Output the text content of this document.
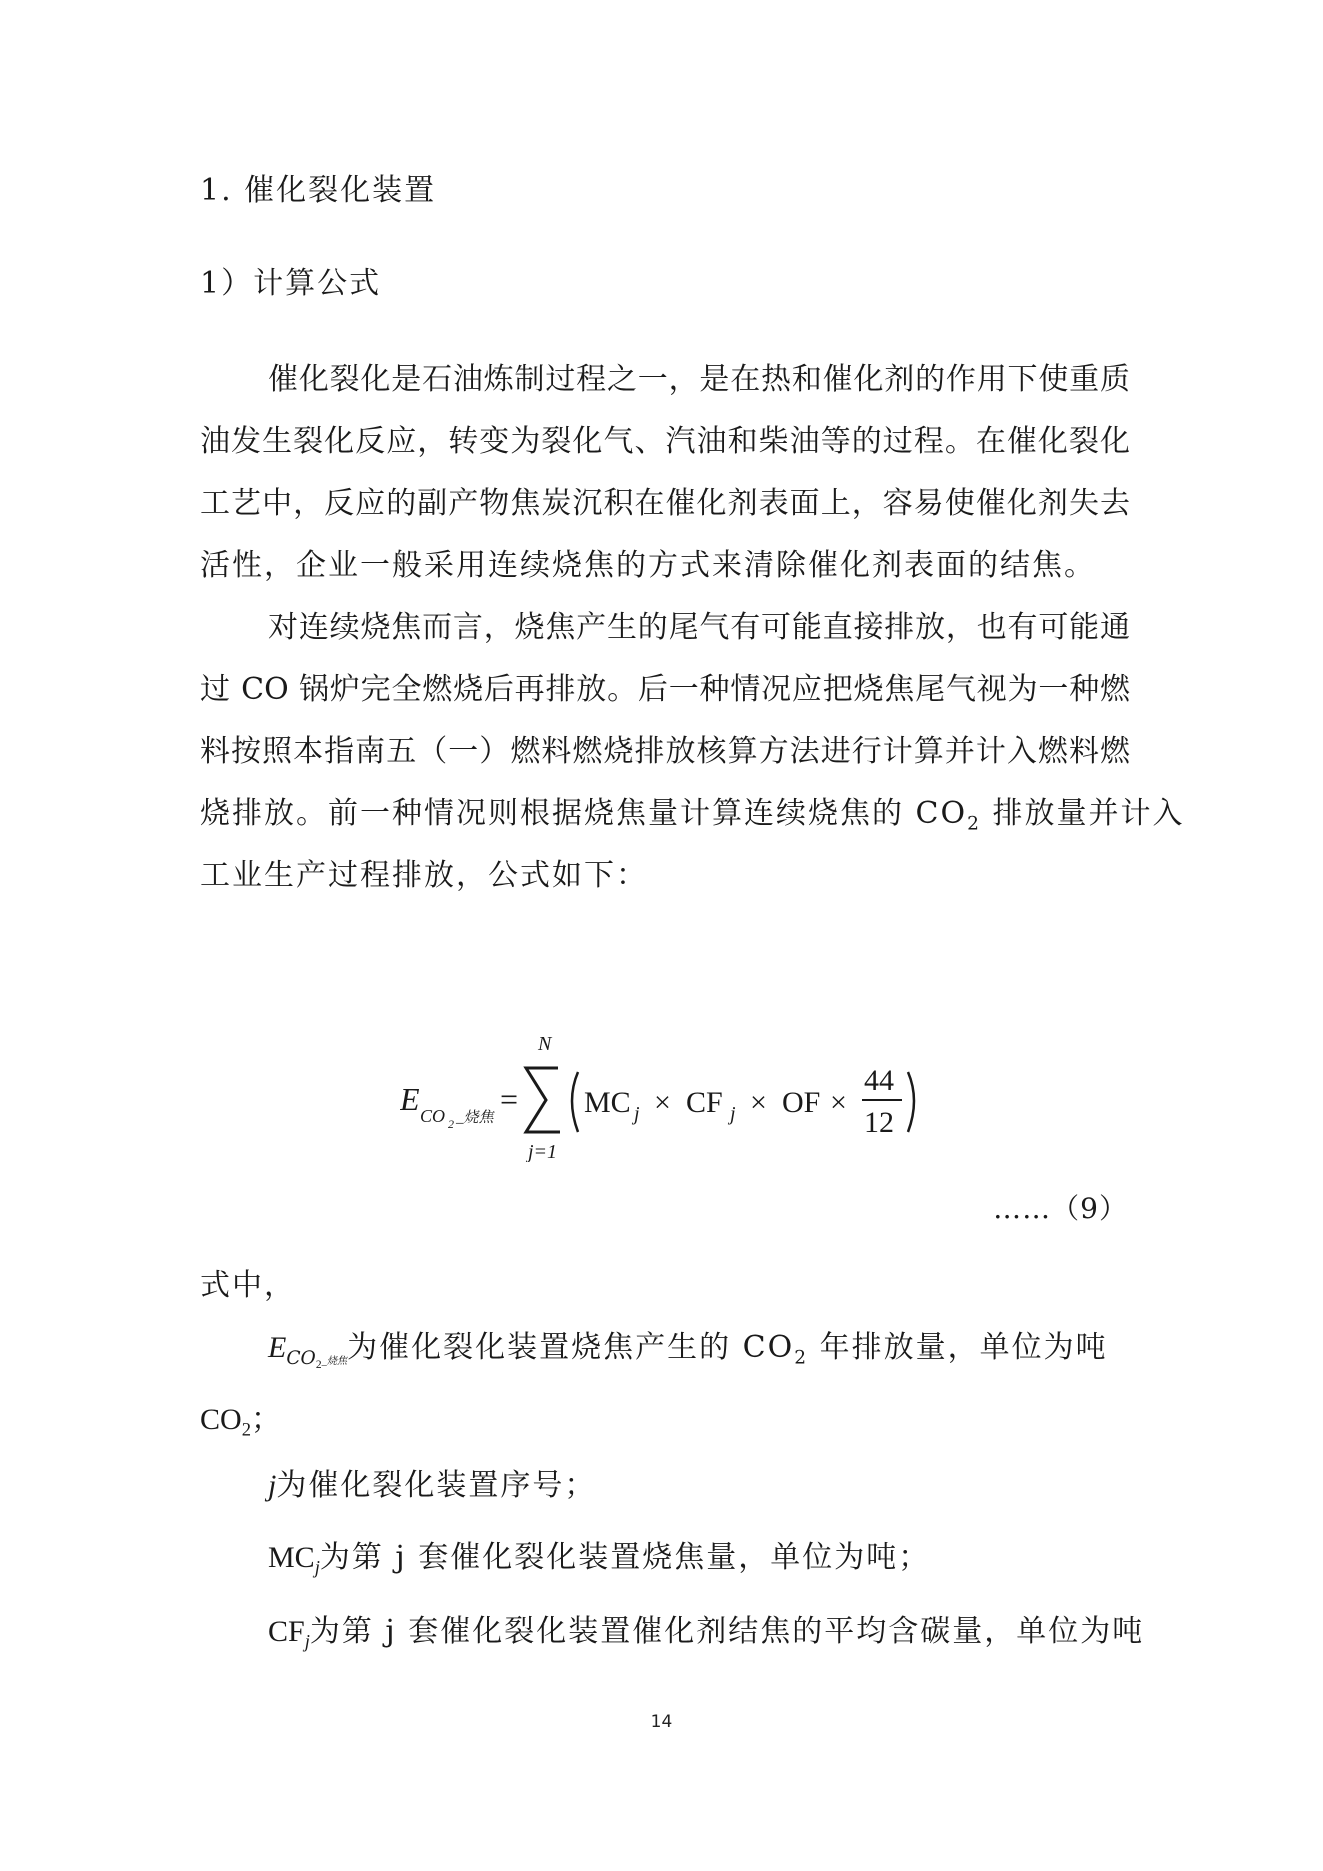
1. 催化裂化装置
1）计算公式
催化裂化是石油炼制过程之一，是在热和催化剂的作用下使重质
油发生裂化反应，转变为裂化气、汽油和柴油等的过程。在催化裂化
工艺中，反应的副产物焦炭沉积在催化剂表面上，容易使催化剂失去
活性，企业一般采用连续烧焦的方式来清除催化剂表面的结焦。
对连续烧焦而言，烧焦产生的尾气有可能直接排放，也有可能通
过 CO 锅炉完全燃烧后再排放。后一种情况应把烧焦尾气视为一种燃
料按照本指南五（一）燃料燃烧排放核算方法进行计算并计入燃料燃
烧排放。前一种情况则根据烧焦量计算连续烧焦的 $CO_2$ 排放量并计入
工业生产过程排放，公式如下：
E CO 2 _烧焦
=
N
j=1
MC j × CF j × OF ×
44
12
……（9）
式中，
$E_{CO_2\_烧焦}$为催化裂化装置烧焦产生的 $CO_2$ 年排放量，单位为吨
$CO_2$；
j为催化裂化装置序号；
$MC_j$为第 j 套催化裂化装置烧焦量，单位为吨；
$CF_j$为第 j 套催化裂化装置催化剂结焦的平均含碳量，单位为吨
14
